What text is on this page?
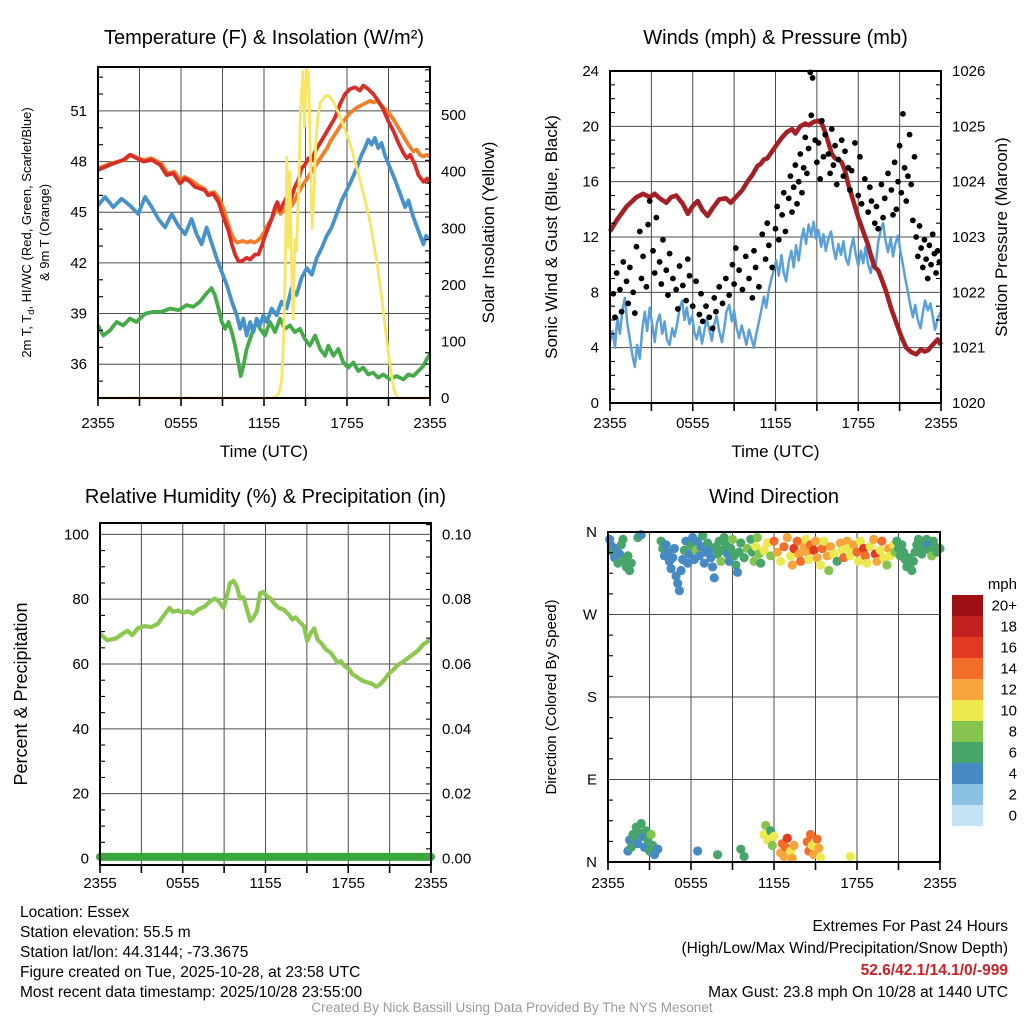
2355	0555	1155	1755	2355
36
39
42
45
48
51
0
100
200
300
400
500
Temperature (F) & Insolation (W/m²)
Time (UTC)
2m T, $T_d$, HI/WC (Red, Green, Scarlet/Blue) & 9m T (Orange)	Solar Insolation (Yellow)
2355	0555	1155	1755	2355
0
4
8
12
16
20
24
1020
1021
1022
1023
1024
1025
1026
Winds (mph) & Pressure (mb)
Time (UTC)
Sonic Wind & Gust (Blue, Black)	Station Pressure (Maroon)
2355	0555	1155	1755	2355
0
20
40
60
80
100
0.00
0.02
0.04
0.06
0.08
0.10
Relative Humidity (%) & Precipitation (in)
Percent & Precipitation
2355	0555	1155	1755	2355
N
W
S
E
N
Wind Direction
Direction (Colored By Speed)
mph
20+
18
16
14
12
10
8
6
4
2
0
Location: Essex
Station elevation: 55.5 m
Station lat/lon: 44.3144; -73.3675
Figure created on Tue, 2025-10-28, at 23:58 UTC
Most recent data timestamp: 2025/10/28 23:55:00
Extremes For Past 24 Hours
(High/Low/Max Wind/Precipitation/Snow Depth)
52.6/42.1/14.1/0/-999
Max Gust: 23.8 mph On 10/28 at 1440 UTC
Created By Nick Bassill Using Data Provided By The NYS Mesonet
